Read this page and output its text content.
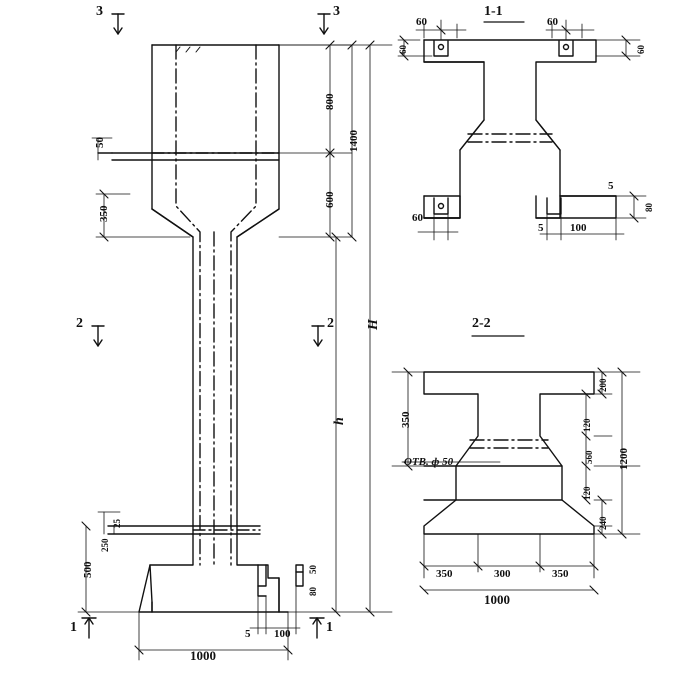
1-1
2-2
3	3
2	2
1	1
800
1400
600
H
h
350
50
500
250
25
1000
50
80
5 100
60
60
60
60
60
5 100
5
80
350
200
120
560
120
240
1200
350	300	350
1000
ОТВ. ф 50
